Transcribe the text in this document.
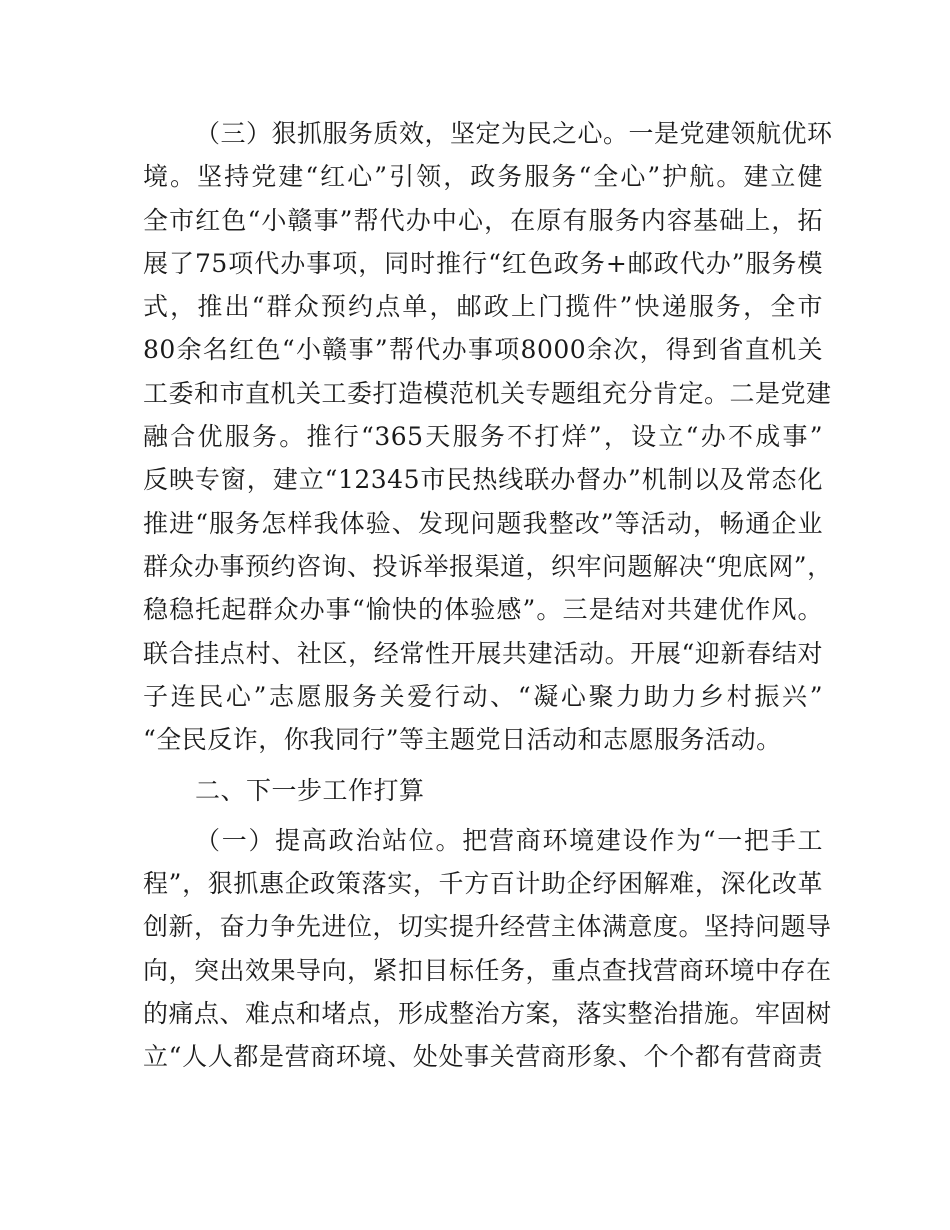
（三）狠抓服务质效，坚定为民之心。一是党建领航优环
境。坚持党建“红心”引领，政务服务“全心”护航。建立健
全市红色“小赣事”帮代办中心，在原有服务内容基础上，拓
展了75项代办事项，同时推行“红色政务+邮政代办”服务模
式，推出“群众预约点单，邮政上门揽件”快递服务，全市
80余名红色“小赣事”帮代办事项8000余次，得到省直机关
工委和市直机关工委打造模范机关专题组充分肯定。二是党建
融合优服务。推行“365天服务不打烊”，设立“办不成事”
反映专窗，建立“12345市民热线联办督办”机制以及常态化
推进“服务怎样我体验、发现问题我整改”等活动，畅通企业
群众办事预约咨询、投诉举报渠道，织牢问题解决“兜底网”，
稳稳托起群众办事“愉快的体验感”。三是结对共建优作风。
联合挂点村、社区，经常性开展共建活动。开展“迎新春结对
子连民心”志愿服务关爱行动、“凝心聚力助力乡村振兴”
“全民反诈，你我同行”等主题党日活动和志愿服务活动。
二、下一步工作打算
（一）提高政治站位。把营商环境建设作为“一把手工
程”，狠抓惠企政策落实，千方百计助企纾困解难，深化改革
创新，奋力争先进位，切实提升经营主体满意度。坚持问题导
向，突出效果导向，紧扣目标任务，重点查找营商环境中存在
的痛点、难点和堵点，形成整治方案，落实整治措施。牢固树
立“人人都是营商环境、处处事关营商形象、个个都有营商责
